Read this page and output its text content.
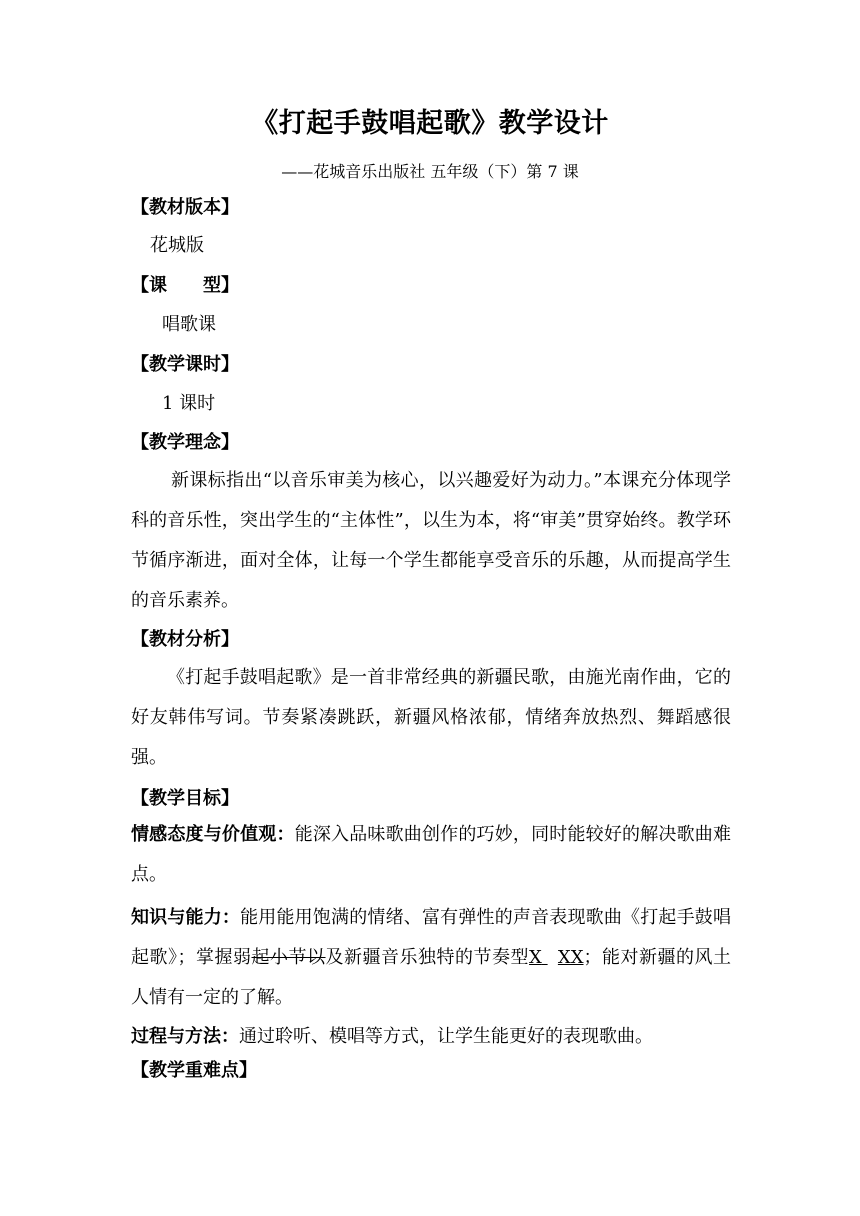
《打起手鼓唱起歌》教学设计
——花城音乐出版社 五年级（下）第 7 课
【教材版本】
花城版
【课　　型】
唱歌课
【教学课时】
1 课时
【教学理念】
新课标指出“以音乐审美为核心，以兴趣爱好为动力。”本课充分体现学科的音乐性，突出学生的“主体性”，以生为本，将“审美”贯穿始终。教学环节循序渐进，面对全体，让每一个学生都能享受音乐的乐趣，从而提高学生的音乐素养。
【教材分析】
《打起手鼓唱起歌》是一首非常经典的新疆民歌，由施光南作曲，它的好友韩伟写词。节奏紧凑跳跃，新疆风格浓郁，情绪奔放热烈、舞蹈感很强。
【教学目标】
情感态度与价值观：能深入品味歌曲创作的巧妙，同时能较好的解决歌曲难点。
知识与能力：能用能用饱满的情绪、富有弹性的声音表现歌曲《打起手鼓唱起歌》；掌握弱起小节以及新疆音乐独特的节奏型X XX；能对新疆的风土人情有一定的了解。
过程与方法：通过聆听、模唱等方式，让学生能更好的表现歌曲。
【教学重难点】
